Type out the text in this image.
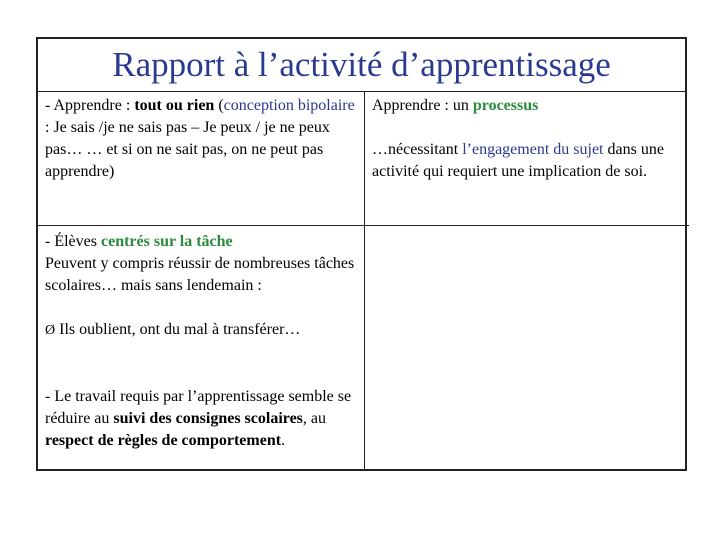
Rapport à l’activité d’apprentissage

- Apprendre : tout ou rien (conception bipolaire : Je sais /je ne sais pas – Je peux / je ne peux pas… … et si on ne sait pas, on ne peut pas apprendre)

Apprendre : un processus

…nécessitant l’engagement du sujet dans une activité qui requiert une implication de soi.

- Élèves centrés sur la tâche

Peuvent y compris réussir de nombreuses tâches scolaires… mais sans lendemain :

Ø Ils oublient, ont du mal à transférer…

- Le travail requis par l’apprentissage semble se réduire au suivi des consignes scolaires, au respect de règles de comportement.
